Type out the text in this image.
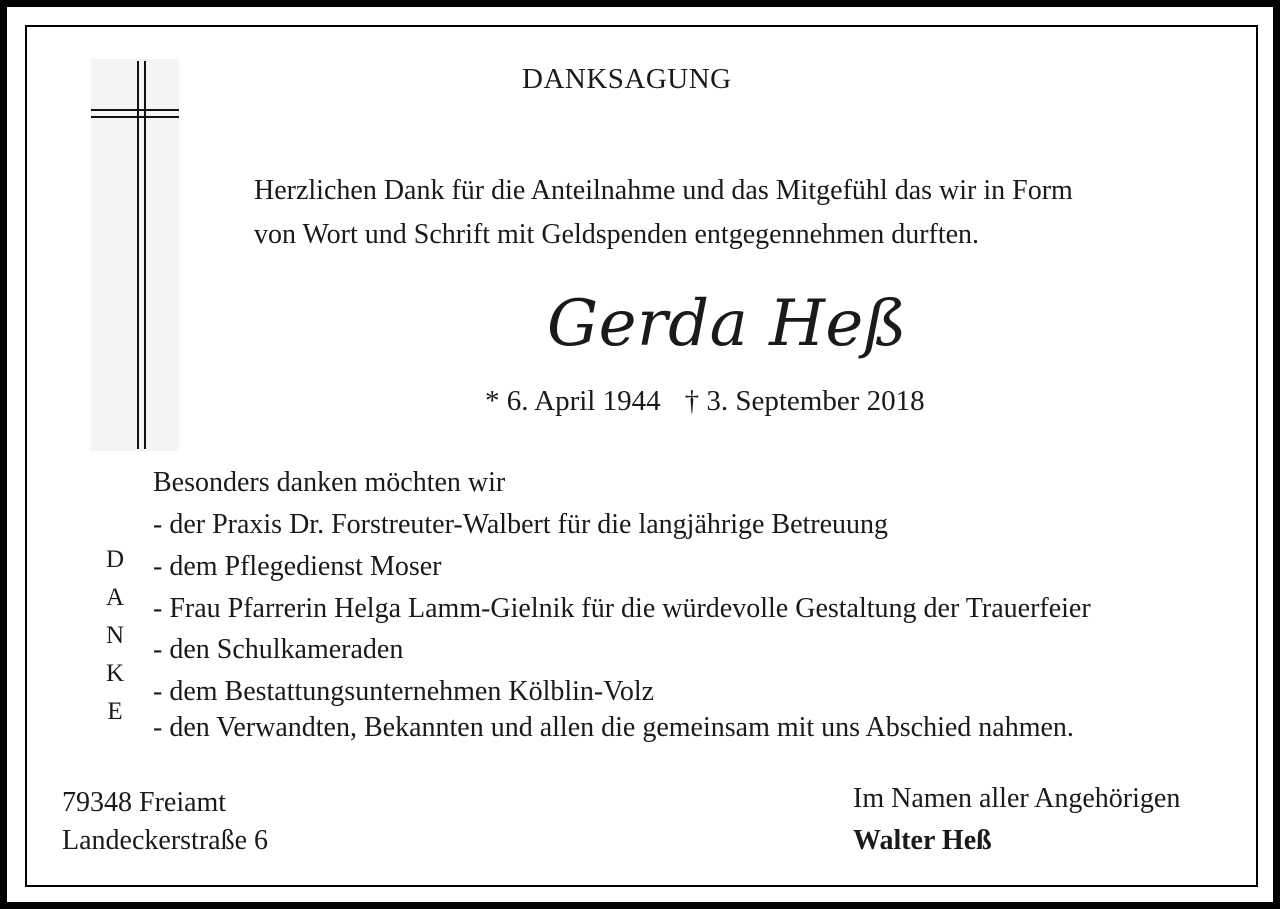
DANKSAGUNG
Herzlichen Dank für die Anteilnahme und das Mitgefühl das wir in Form
von Wort und Schrift mit Geldspenden entgegennehmen durften.
Gerda Heß
* 6. April 1944 † 3. September 2018
D
A
N
K
E
Besonders danken möchten wir
- der Praxis Dr. Forstreuter-Walbert für die langjährige Betreuung
- dem Pflegedienst Moser
- Frau Pfarrerin Helga Lamm-Gielnik für die würdevolle Gestaltung der Trauerfeier
- den Schulkameraden
- dem Bestattungsunternehmen Kölblin-Volz
- den Verwandten, Bekannten und allen die gemeinsam mit uns Abschied nahmen.
79348 Freiamt
Landeckerstraße 6
Im Namen aller Angehörigen
Walter Heß
